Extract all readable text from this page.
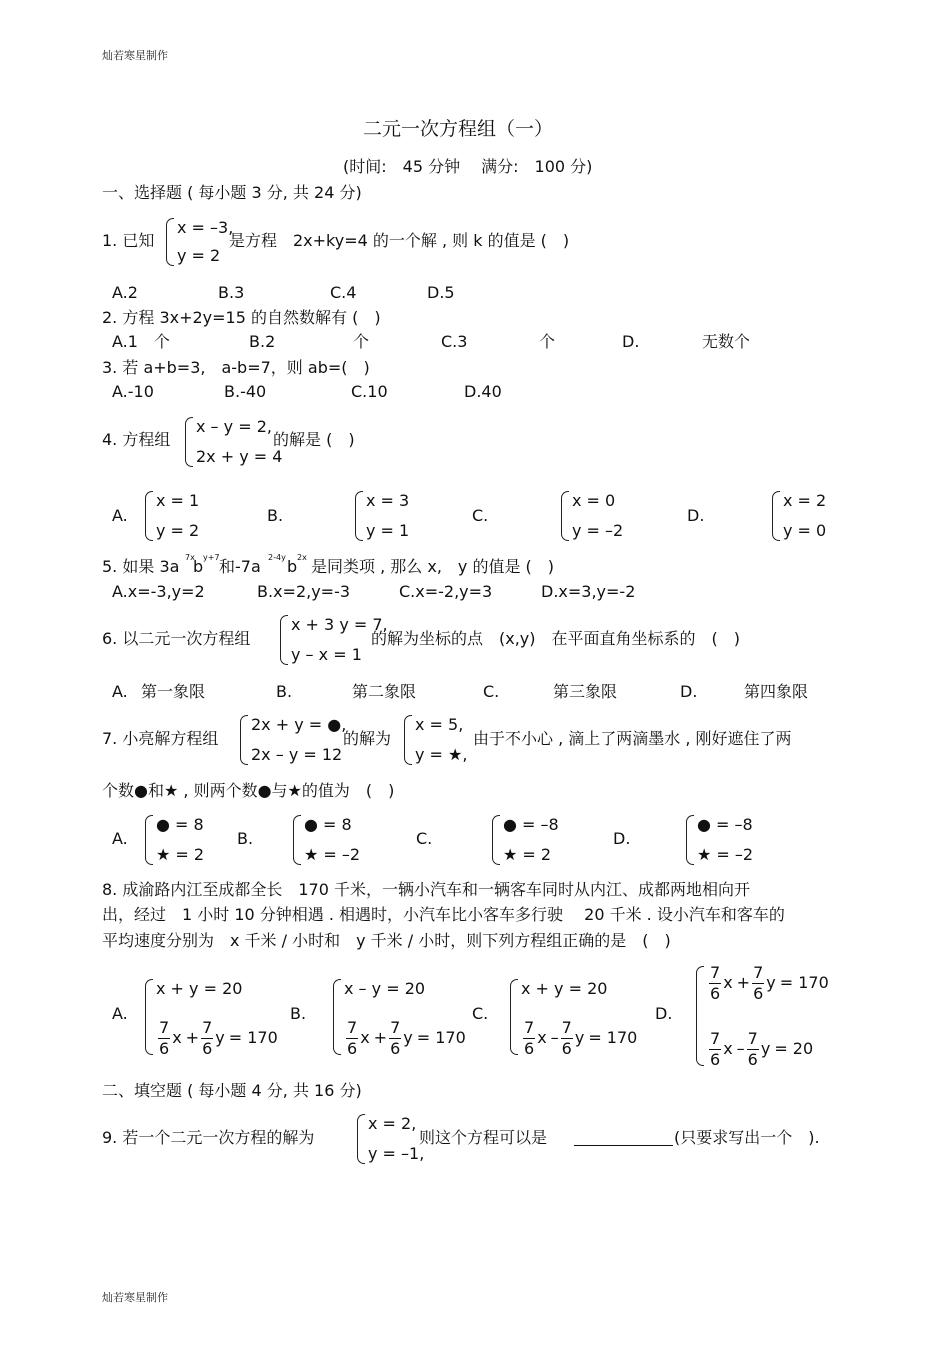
灿若寒星制作
灿若寒星制作
二元一次方程组（一）
(时间:　45 分钟　 满分:　100 分)
一、选择题 ( 每小题 3 分, 共 24 分)
1. 已知
x = –3,
y = 2
是方程　2x+ky=4 的一个解 , 则 k 的值是 (　)
A.2	B.3	C.4	D.5
2. 方程 3x+2y=15 的自然数解有 (　)
A.1　个	B.2	个	C.3	个	D.	无数个
3. 若 a+b=3,　a-b=7，则 ab=(　)
A.-10	B.-40	C.10	D.40
4. 方程组
x – y = 2,
2x + y = 4
的解是 (　)
A.
x = 1
y = 2
B.
x = 3
y = 1
C.
x = 0
y = –2
D.
x = 2
y = 0
5. 如果 3a 7x
b y+7 和-7a 2-4y b 2x 是同类项 , 那么 x,　y 的值是 (　)
A.x=-3,y=2	B.x=2,y=-3	C.x=-2,y=3	D.x=3,y=-2
6. 以二元一次方程组
x + 3 y = 7,
y – x = 1
的解为坐标的点　(x,y)　在平面直角坐标系的　(　)
A. 第一象限	B.	第二象限	C.	第三象限	D.	第四象限
7. 小亮解方程组
2x + y = ●,
2x – y = 12
的解为
x = 5,
y = ★,
由于不小心 , 滴上了两滴墨水 , 刚好遮住了两
个数●和★ , 则两个数●与★的值为　(　)
A.
● = 8
★ = 2
B.
● = 8
★ = –2
C.
● = –8
★ = 2
D.
● = –8
★ = –2
8. 成渝路内江至成都全长　170 千米，一辆小汽车和一辆客车同时从内江、成都两地相向开
出，经过　1 小时 10 分钟相遇 . 相遇时，小汽车比小客车多行驶　 20 千米 . 设小汽车和客车的
平均速度分别为　x 千米 / 小时和　y 千米 / 小时，则下列方程组正确的是　(　)
A.
x + y = 20
$\frac{7}{6}$ $x + \frac{7}{6}$ y = 170
B.
x – y = 20
$\frac{7}{6}$ $x + \frac{7}{6}$ y = 170
C.
x + y = 20
$\frac{7}{6}$ x – $\frac{7}{6}$ y = 170
D.
$\frac{7}{6}$ $x + \frac{7}{6}$ y = 170
$\frac{7}{6}$ x – $\frac{7}{6}$ y = 20
二、填空题 ( 每小题 4 分, 共 16 分)
9. 若一个二元一次方程的解为
x = 2,
y = –1,
则这个方程可以是	(只要求写出一个　).
